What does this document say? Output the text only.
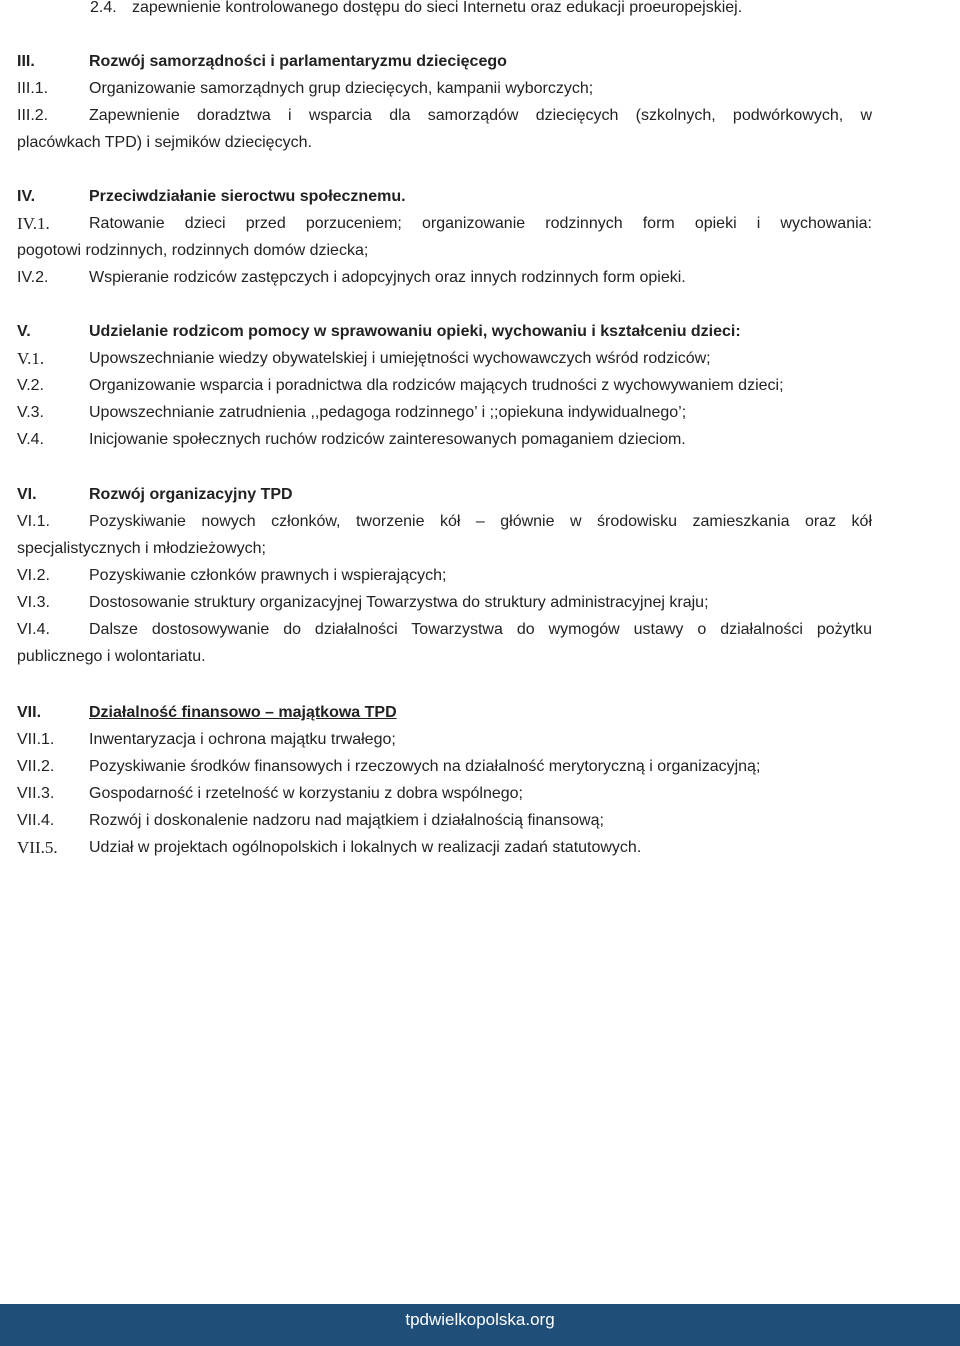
2.4. zapewnienie kontrolowanego dostępu do sieci Internetu oraz edukacji proeuropejskiej.
III.	Rozwój samorządności i parlamentaryzmu dziecięcego
III.1.	Organizowanie samorządnych grup dziecięcych, kampanii wyborczych;
III.2.	Zapewnienie doradztwa i wsparcia dla samorządów dziecięcych (szkolnych, podwórkowych, w
placówkach TPD) i sejmików dziecięcych.
IV.	Przeciwdziałanie sieroctwu społecznemu.
IV.1. Ratowanie dzieci przed porzuceniem; organizowanie rodzinnych form opieki i wychowania:
pogotowi rodzinnych, rodzinnych domów dziecka;
IV.2.	Wspieranie rodziców zastępczych i adopcyjnych oraz innych rodzinnych form opieki.
V.	Udzielanie rodzicom pomocy w sprawowaniu opieki, wychowaniu i kształceniu dzieci:
V.1.	Upowszechnianie wiedzy obywatelskiej i umiejętności wychowawczych wśród rodziców;
V.2.	Organizowanie wsparcia i poradnictwa dla rodziców mających trudności z wychowywaniem dzieci;
V.3.	Upowszechnianie zatrudnienia ,,pedagoga rodzinnego’ i ;;opiekuna indywidualnego’;
V.4.	Inicjowanie społecznych ruchów rodziców zainteresowanych pomaganiem dzieciom.
VI.	Rozwój organizacyjny TPD
VI.1. Pozyskiwanie nowych członków, tworzenie kół – głównie w środowisku zamieszkania oraz kół
specjalistycznych i młodzieżowych;
VI.2. Pozyskiwanie członków prawnych i wspierających;
VI.3. Dostosowanie struktury organizacyjnej Towarzystwa do struktury administracyjnej kraju;
VI.4. Dalsze dostosowywanie do działalności Towarzystwa do wymogów ustawy o działalności pożytku
publicznego i wolontariatu.
VII.	Działalność finansowo – majątkowa TPD
VII.1. Inwentaryzacja i ochrona majątku trwałego;
VII.2. Pozyskiwanie środków finansowych i rzeczowych na działalność merytoryczną i organizacyjną;
VII.3. Gospodarność i rzetelność w korzystaniu z dobra wspólnego;
VII.4. Rozwój i doskonalenie nadzoru nad majątkiem i działalnością finansową;
VII.5. Udział w projektach ogólnopolskich i lokalnych w realizacji zadań statutowych.
tpdwielkopolska.org
